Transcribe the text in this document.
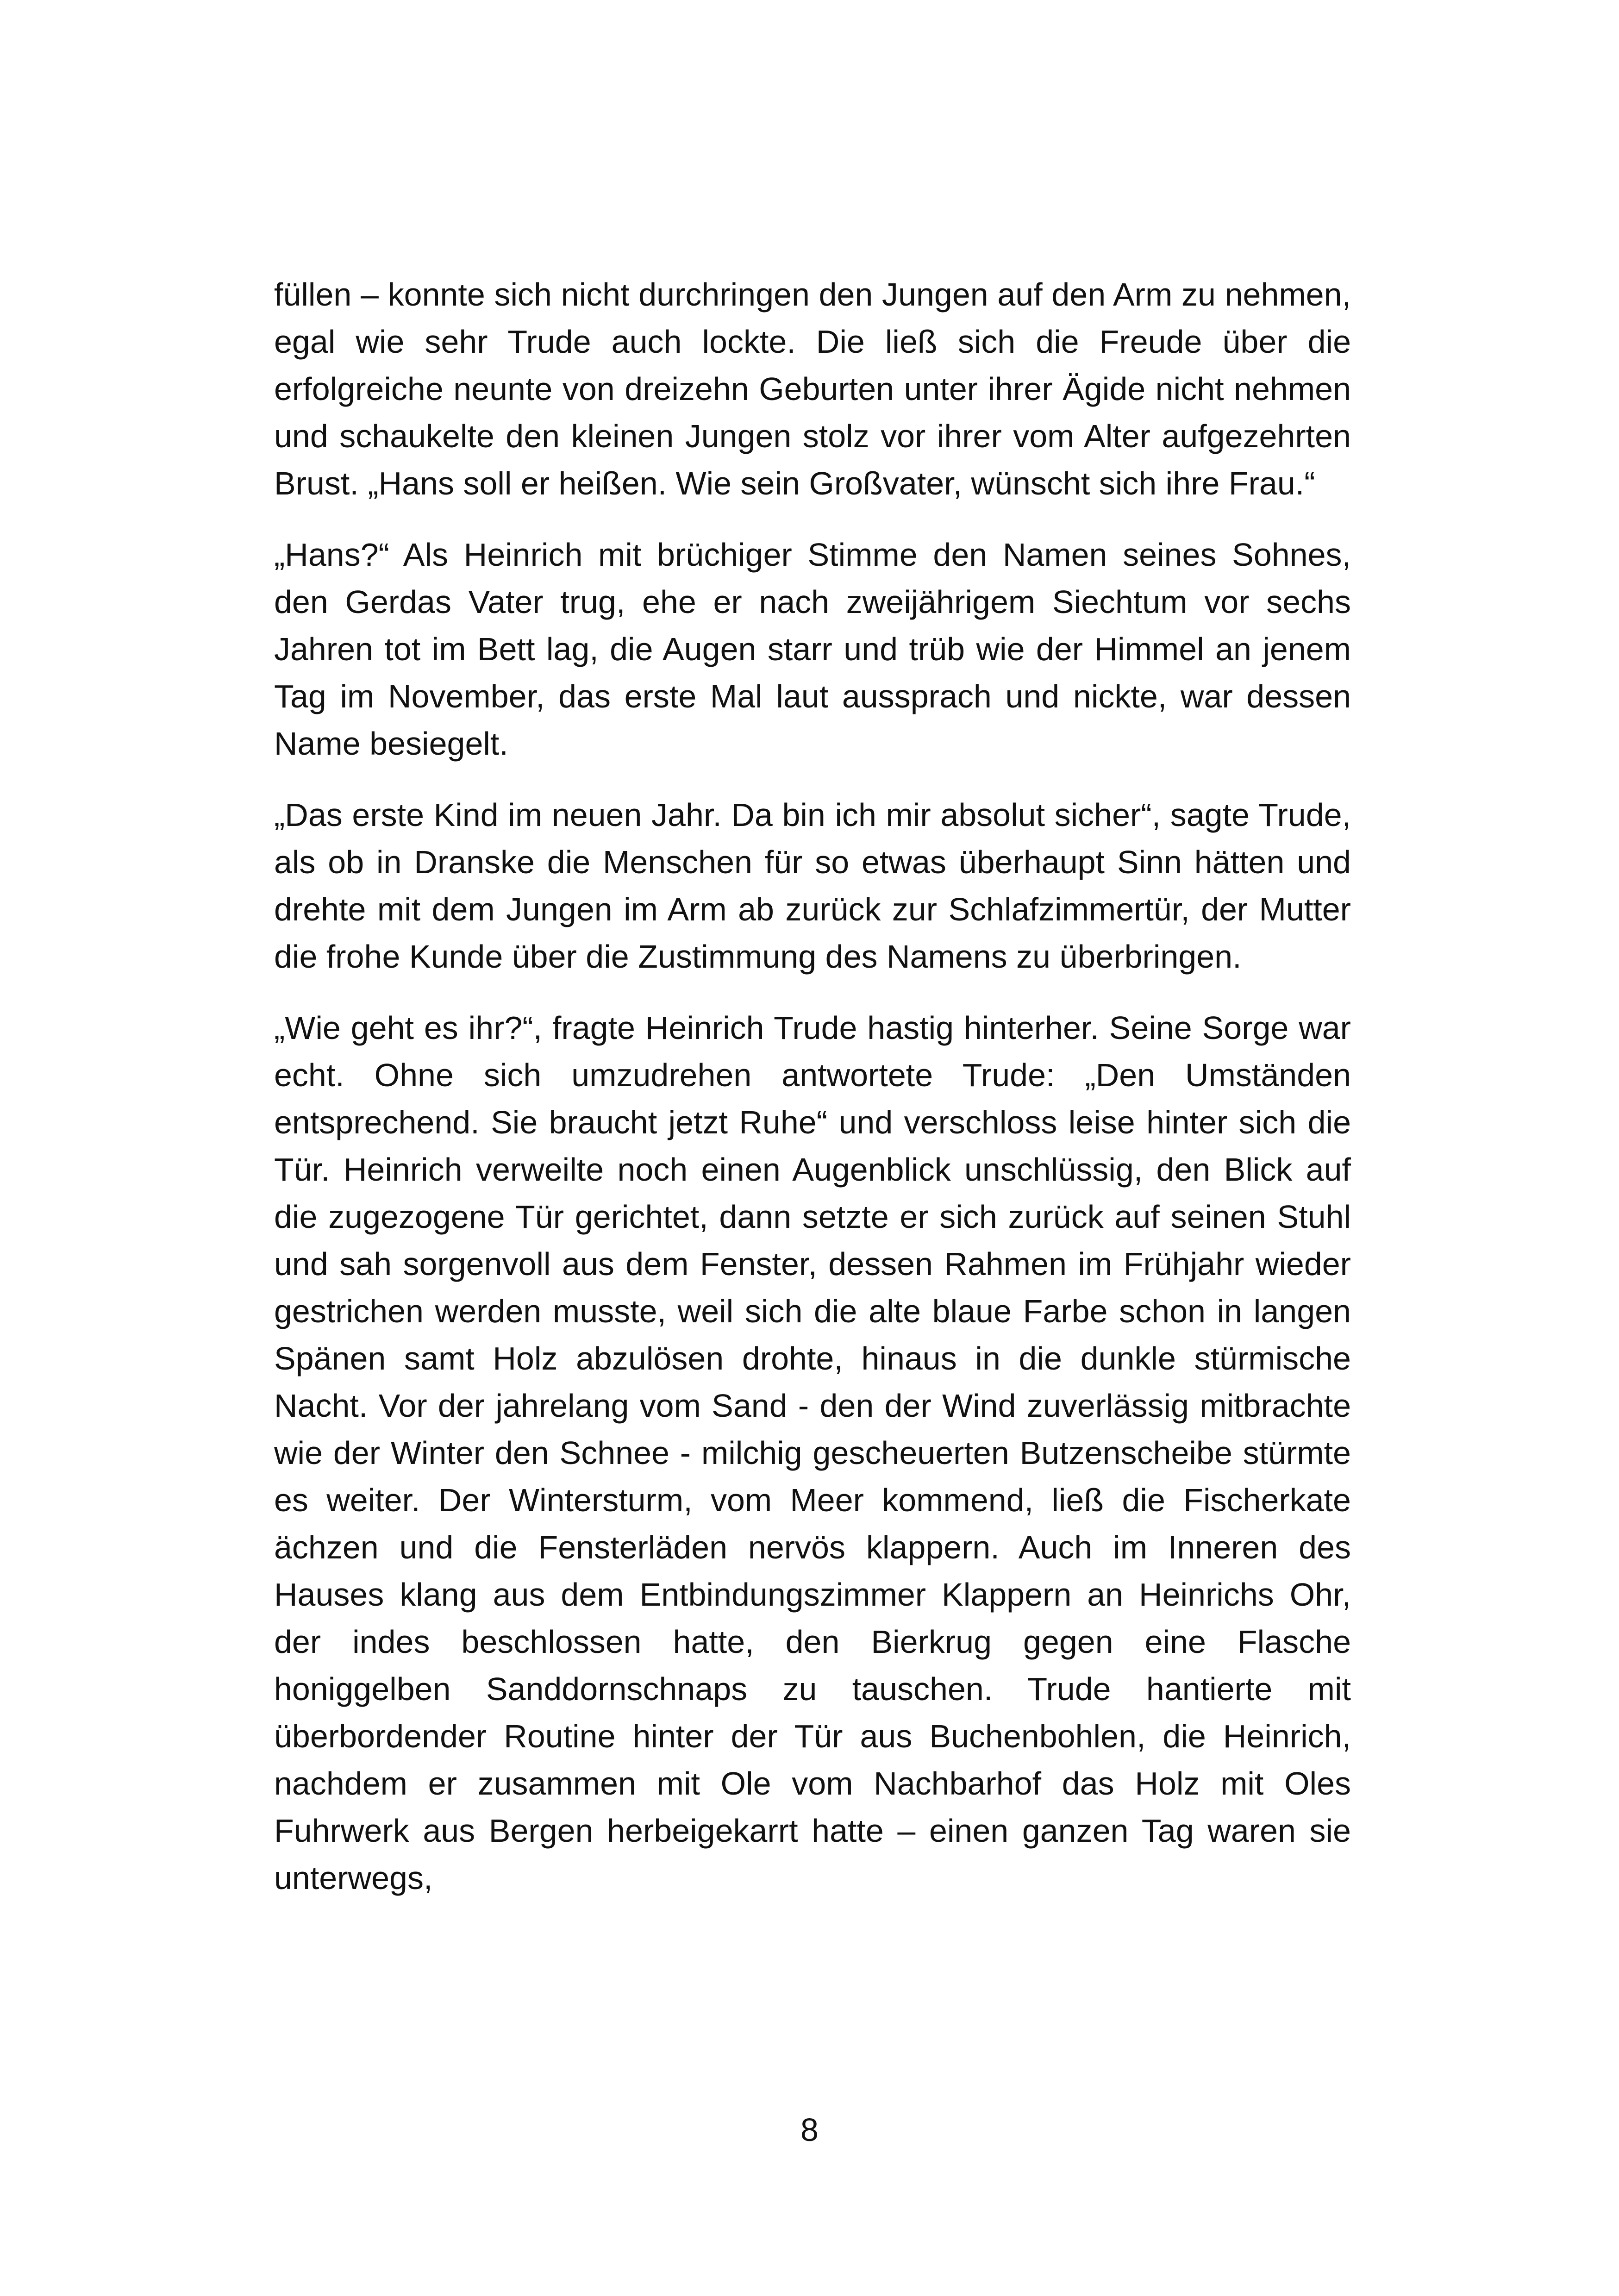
füllen – konnte sich nicht durchringen den Jungen auf den Arm zu nehmen, egal wie sehr Trude auch lockte. Die ließ sich die Freude über die erfolgreiche neunte von dreizehn Geburten unter ihrer Ägide nicht nehmen und schaukelte den kleinen Jungen stolz vor ihrer vom Alter aufgezehrten Brust. „Hans soll er heißen. Wie sein Großvater, wünscht sich ihre Frau.“

„Hans?“ Als Heinrich mit brüchiger Stimme den Namen seines Sohnes, den Gerdas Vater trug, ehe er nach zweijährigem Siechtum vor sechs Jahren tot im Bett lag, die Augen starr und trüb wie der Himmel an jenem Tag im November, das erste Mal laut aussprach und nickte, war dessen Name besiegelt.

„Das erste Kind im neuen Jahr. Da bin ich mir absolut sicher“, sagte Trude, als ob in Dranske die Menschen für so etwas überhaupt Sinn hätten und drehte mit dem Jungen im Arm ab zurück zur Schlafzimmertür, der Mutter die frohe Kunde über die Zustimmung des Namens zu überbringen.

„Wie geht es ihr?“, fragte Heinrich Trude hastig hinterher. Seine Sorge war echt. Ohne sich umzudrehen antwortete Trude: „Den Umständen entsprechend. Sie braucht jetzt Ruhe“ und verschloss leise hinter sich die Tür. Heinrich verweilte noch einen Augenblick unschlüssig, den Blick auf die zugezogene Tür gerichtet, dann setzte er sich zurück auf seinen Stuhl und sah sorgenvoll aus dem Fenster, dessen Rahmen im Frühjahr wieder gestrichen werden musste, weil sich die alte blaue Farbe schon in langen Spänen samt Holz abzulösen drohte, hinaus in die dunkle stürmische Nacht. Vor der jahrelang vom Sand - den der Wind zuverlässig mitbrachte wie der Winter den Schnee - milchig gescheuerten Butzenscheibe stürmte es weiter. Der Wintersturm, vom Meer kommend, ließ die Fischerkate ächzen und die Fensterläden nervös klappern. Auch im Inneren des Hauses klang aus dem Entbindungszimmer Klappern an Heinrichs Ohr, der indes beschlossen hatte, den Bierkrug gegen eine Flasche honiggelben Sanddornschnaps zu tauschen. Trude hantierte mit überbordender Routine hinter der Tür aus Buchenbohlen, die Heinrich, nachdem er zusammen mit Ole vom Nachbarhof das Holz mit Oles Fuhrwerk aus Bergen herbeigekarrt hatte – einen ganzen Tag waren sie unterwegs,

8
